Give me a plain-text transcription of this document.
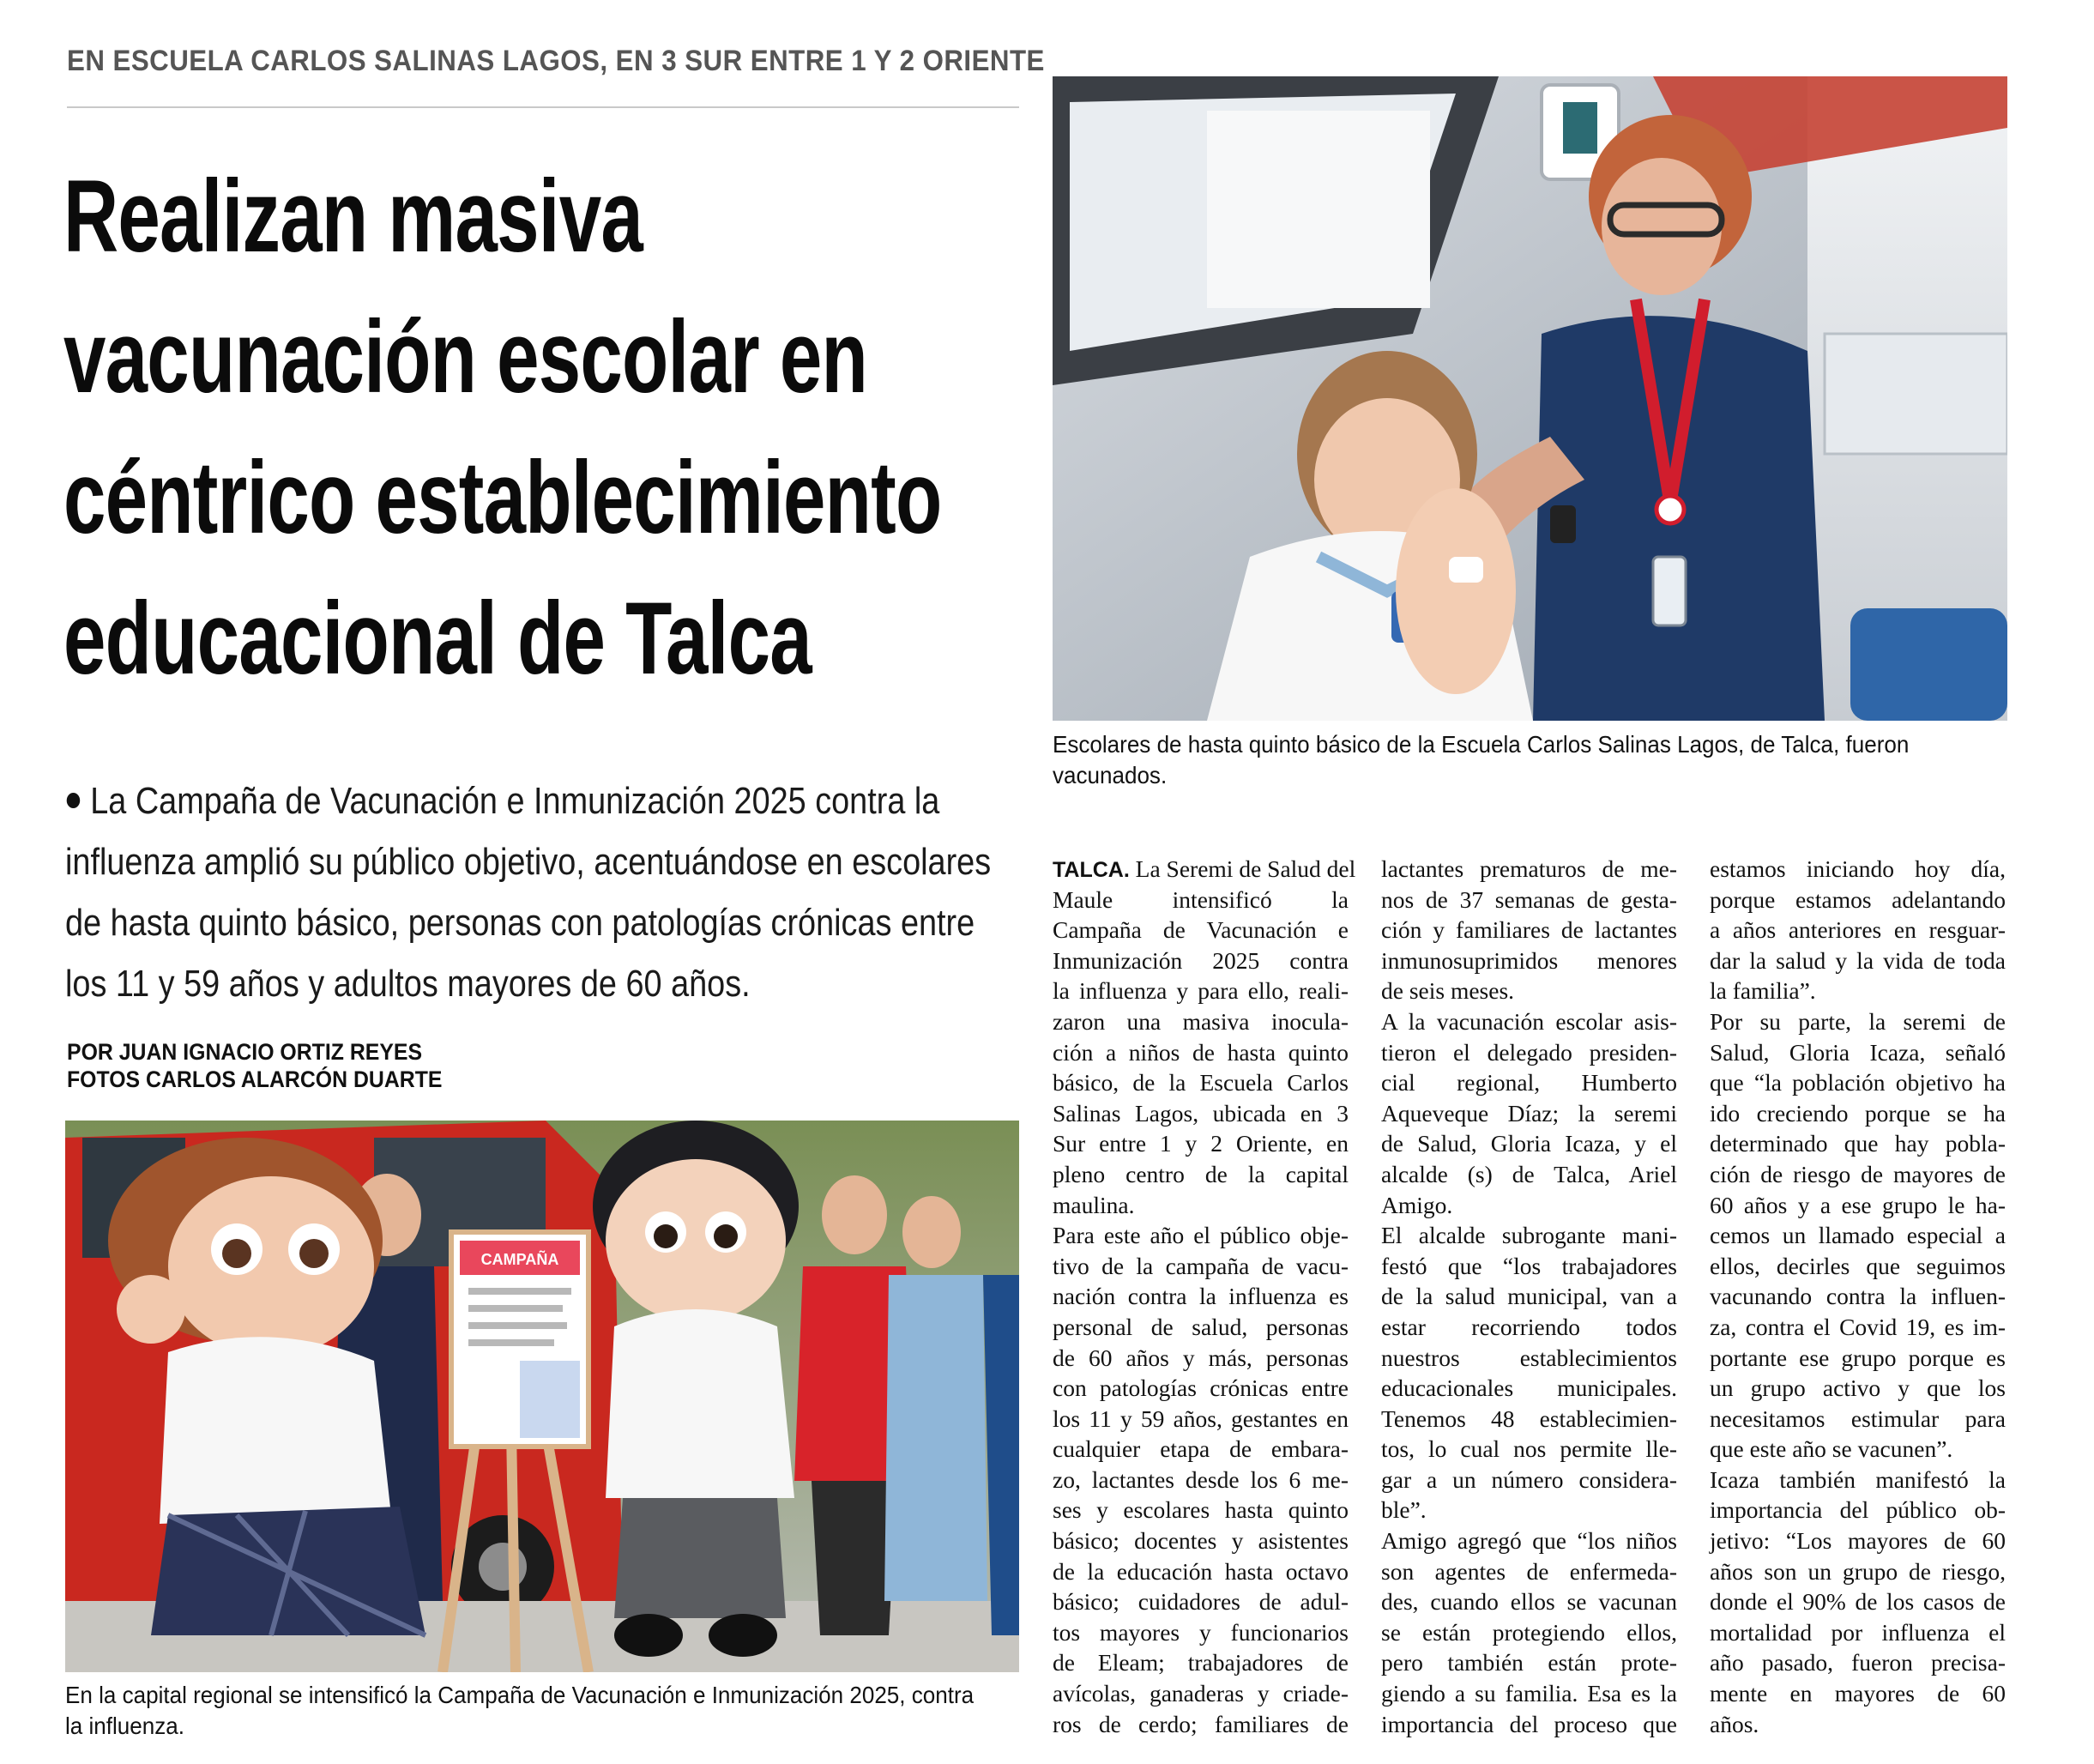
EN ESCUELA CARLOS SALINAS LAGOS, EN 3 SUR ENTRE 1 Y 2 ORIENTE
Realizan masiva
vacunación escolar en
céntrico establecimiento
educacional de Talca
La Campaña de Vacunación e Inmunización 2025 contra la
influenza amplió su público objetivo, acentuándose en escolares
de hasta quinto básico, personas con patologías crónicas entre
los 11 y 59 años y adultos mayores de 60 años.
POR JUAN IGNACIO ORTIZ REYES
FOTOS CARLOS ALARCÓN DUARTE
Escolares de hasta quinto básico de la Escuela Carlos Salinas Lagos, de Talca, fueron
vacunados.
CAMPAÑA
En la capital regional se intensificó la Campaña de Vacunación e Inmunización 2025, contra
la influenza.
TALCA. La Seremi de Salud del
Maule intensificó la
Campaña de Vacunación e
Inmunización 2025 contra
la influenza y para ello, reali-
zaron una masiva inocula-
ción a niños de hasta quinto
básico, de la Escuela Carlos
Salinas Lagos, ubicada en 3
Sur entre 1 y 2 Oriente, en
pleno centro de la capital
maulina.
Para este año el público obje-
tivo de la campaña de vacu-
nación contra la influenza es
personal de salud, personas
de 60 años y más, personas
con patologías crónicas entre
los 11 y 59 años, gestantes en
cualquier etapa de embara-
zo, lactantes desde los 6 me-
ses y escolares hasta quinto
básico; docentes y asistentes
de la educación hasta octavo
básico; cuidadores de adul-
tos mayores y funcionarios
de Eleam; trabajadores de
avícolas, ganaderas y criade-
ros de cerdo; familiares de
lactantes prematuros de me-
nos de 37 semanas de gesta-
ción y familiares de lactantes
inmunosuprimidos menores
de seis meses.
A la vacunación escolar asis-
tieron el delegado presiden-
cial regional, Humberto
Aqueveque Díaz; la seremi
de Salud, Gloria Icaza, y el
alcalde (s) de Talca, Ariel
Amigo.
El alcalde subrogante mani-
festó que “los trabajadores
de la salud municipal, van a
estar recorriendo todos
nuestros establecimientos
educacionales municipales.
Tenemos 48 establecimien-
tos, lo cual nos permite lle-
gar a un número considera-
ble”.
Amigo agregó que “los niños
son agentes de enfermeda-
des, cuando ellos se vacunan
se están protegiendo ellos,
pero también están prote-
giendo a su familia. Esa es la
importancia del proceso que
estamos iniciando hoy día,
porque estamos adelantando
a años anteriores en resguar-
dar la salud y la vida de toda
la familia”.
Por su parte, la seremi de
Salud, Gloria Icaza, señaló
que “la población objetivo ha
ido creciendo porque se ha
determinado que hay pobla-
ción de riesgo de mayores de
60 años y a ese grupo le ha-
cemos un llamado especial a
ellos, decirles que seguimos
vacunando contra la influen-
za, contra el Covid 19, es im-
portante ese grupo porque es
un grupo activo y que los
necesitamos estimular para
que este año se vacunen”.
Icaza también manifestó la
importancia del público ob-
jetivo: “Los mayores de 60
años son un grupo de riesgo,
donde el 90% de los casos de
mortalidad por influenza el
año pasado, fueron precisa-
mente en mayores de 60
años.
